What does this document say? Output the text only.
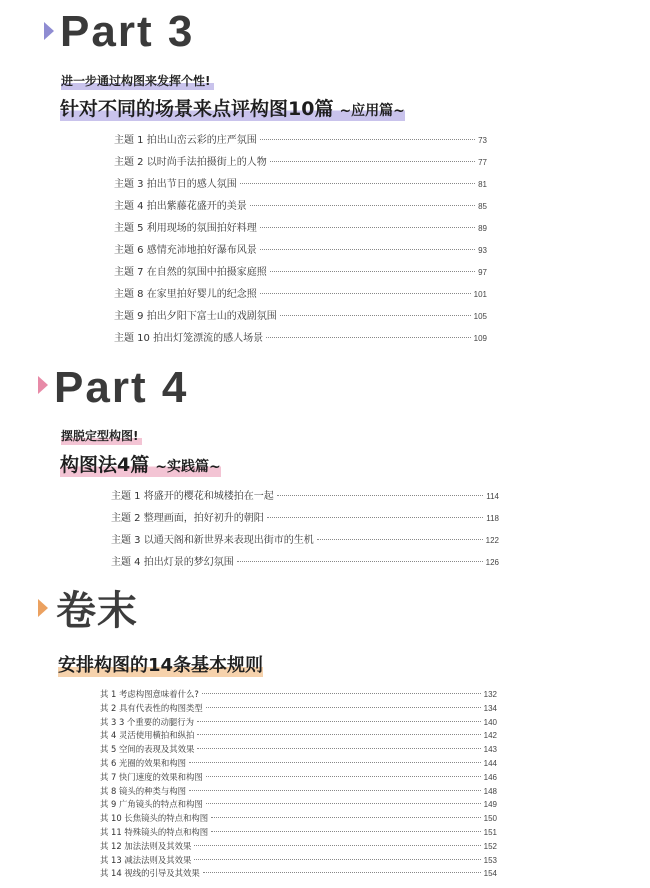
Part 3
进一步通过构图来发挥个性!
针对不同的场景来点评构图10篇 ~应用篇~
主题 1 拍出山峦云彩的庄严氛围	73
主题 2 以时尚手法拍摄街上的人物	77
主题 3 拍出节日的感人氛围	81
主题 4 拍出紫藤花盛开的美景	85
主题 5 利用现场的氛围拍好料理	89
主题 6 感情充沛地拍好瀑布风景	93
主题 7 在自然的氛围中拍摄家庭照	97
主题 8 在家里拍好婴儿的纪念照	101
主题 9 拍出夕阳下富士山的戏剧氛围	105
主题 10 拍出灯笼漂流的感人场景	109
Part 4
摆脱定型构图!
构图法4篇 ~实践篇~
主题 1 将盛开的樱花和城楼拍在一起	114
主题 2 整理画面，拍好初升的朝阳	118
主题 3 以通天阁和新世界来表现出街市的生机	122
主题 4 拍出灯景的梦幻氛围	126
卷末
安排构图的14条基本规则
其 1 考虑构图意味着什么?	132
其 2 具有代表性的构图类型	134
其 3 3 个重要的动腿行为	140
其 4 灵活使用横拍和纵拍	142
其 5 空间的表现及其效果	143
其 6 光圈的效果和构图	144
其 7 快门速度的效果和构图	146
其 8 镜头的种类与构图	148
其 9 广角镜头的特点和构图	149
其 10 长焦镜头的特点和构图	150
其 11 特殊镜头的特点和构图	151
其 12 加法法则及其效果	152
其 13 减法法则及其效果	153
其 14 视线的引导及其效果	154
